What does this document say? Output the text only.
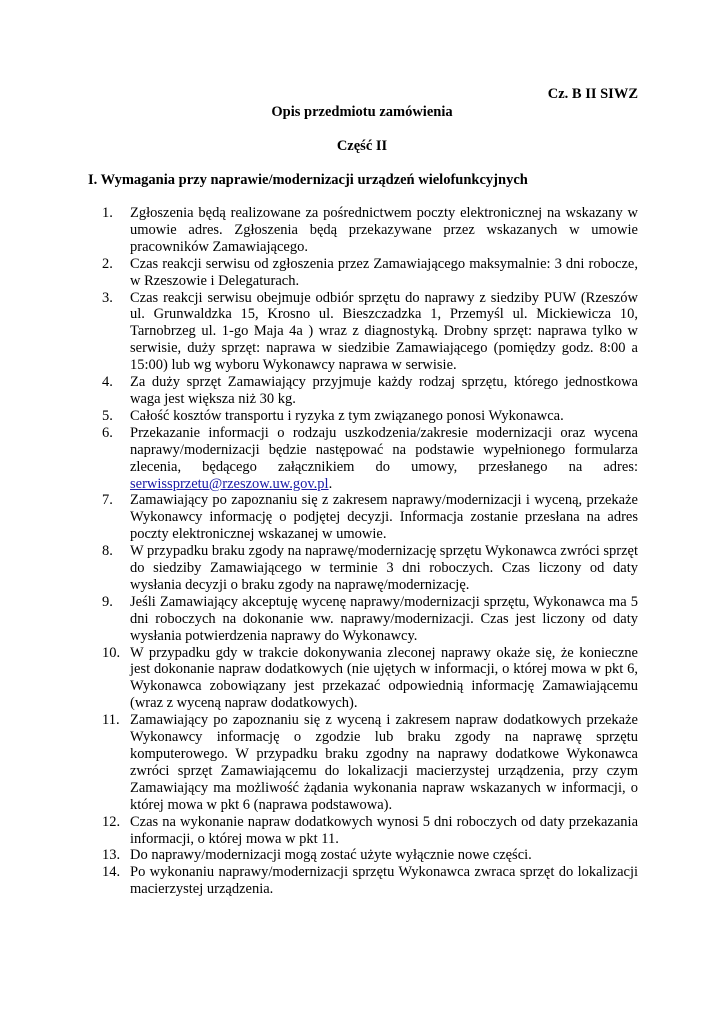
Cz. B II SIWZ
Opis przedmiotu zamówienia
Część II
I. Wymagania przy naprawie/modernizacji urządzeń wielofunkcyjnych
1.	Zgłoszenia będą realizowane za pośrednictwem poczty elektronicznej na wskazany w umowie adres. Zgłoszenia będą przekazywane przez wskazanych w umowie pracowników Zamawiającego.
2.	Czas reakcji serwisu od zgłoszenia przez Zamawiającego maksymalnie: 3 dni robocze, w Rzeszowie i Delegaturach.
3.	Czas reakcji serwisu obejmuje odbiór sprzętu do naprawy z siedziby PUW (Rzeszów ul. Grunwaldzka 15, Krosno ul. Bieszczadzka 1, Przemyśl ul. Mickiewicza 10, Tarnobrzeg ul. 1-go Maja 4a ) wraz z diagnostyką. Drobny sprzęt: naprawa tylko w serwisie, duży sprzęt: naprawa w siedzibie Zamawiającego (pomiędzy godz. 8:00 a 15:00) lub wg wyboru Wykonawcy naprawa w serwisie.
4.	Za duży sprzęt Zamawiający przyjmuje każdy rodzaj sprzętu, którego jednostkowa waga jest większa niż 30 kg.
5.	Całość kosztów transportu i ryzyka z tym związanego ponosi Wykonawca.
6.	Przekazanie informacji o rodzaju uszkodzenia/zakresie modernizacji oraz wycena naprawy/modernizacji będzie następować na podstawie wypełnionego formularza zlecenia, będącego załącznikiem do umowy, przesłanego na adres: serwissprzetu@rzeszow.uw.gov.pl.
7.	Zamawiający po zapoznaniu się z zakresem naprawy/modernizacji i wyceną, przekaże Wykonawcy informację o podjętej decyzji. Informacja zostanie przesłana na adres poczty elektronicznej wskazanej w umowie.
8.	W przypadku braku zgody na naprawę/modernizację sprzętu Wykonawca zwróci sprzęt do siedziby Zamawiającego w terminie 3 dni roboczych. Czas liczony od daty wysłania decyzji o braku zgody na naprawę/modernizację.
9.	Jeśli Zamawiający akceptuję wycenę naprawy/modernizacji sprzętu, Wykonawca ma 5 dni roboczych na dokonanie ww. naprawy/modernizacji. Czas jest liczony od daty wysłania potwierdzenia naprawy do Wykonawcy.
10. W przypadku gdy w trakcie dokonywania zleconej naprawy okaże się, że konieczne jest dokonanie napraw dodatkowych (nie ujętych w informacji, o której mowa w pkt 6, Wykonawca zobowiązany jest przekazać odpowiednią informację Zamawiającemu (wraz z wyceną napraw dodatkowych).
11. Zamawiający po zapoznaniu się z wyceną i zakresem napraw dodatkowych przekaże Wykonawcy informację o zgodzie lub braku zgody na naprawę sprzętu komputerowego. W przypadku braku zgodny na naprawy dodatkowe Wykonawca zwróci sprzęt Zamawiającemu do lokalizacji macierzystej urządzenia, przy czym Zamawiający ma możliwość żądania wykonania napraw wskazanych w informacji, o której mowa w pkt 6 (naprawa podstawowa).
12. Czas na wykonanie napraw dodatkowych wynosi 5 dni roboczych od daty przekazania informacji, o której mowa w pkt 11.
13. Do naprawy/modernizacji mogą zostać użyte wyłącznie nowe części.
14. Po wykonaniu naprawy/modernizacji sprzętu Wykonawca zwraca sprzęt do lokalizacji macierzystej urządzenia.
